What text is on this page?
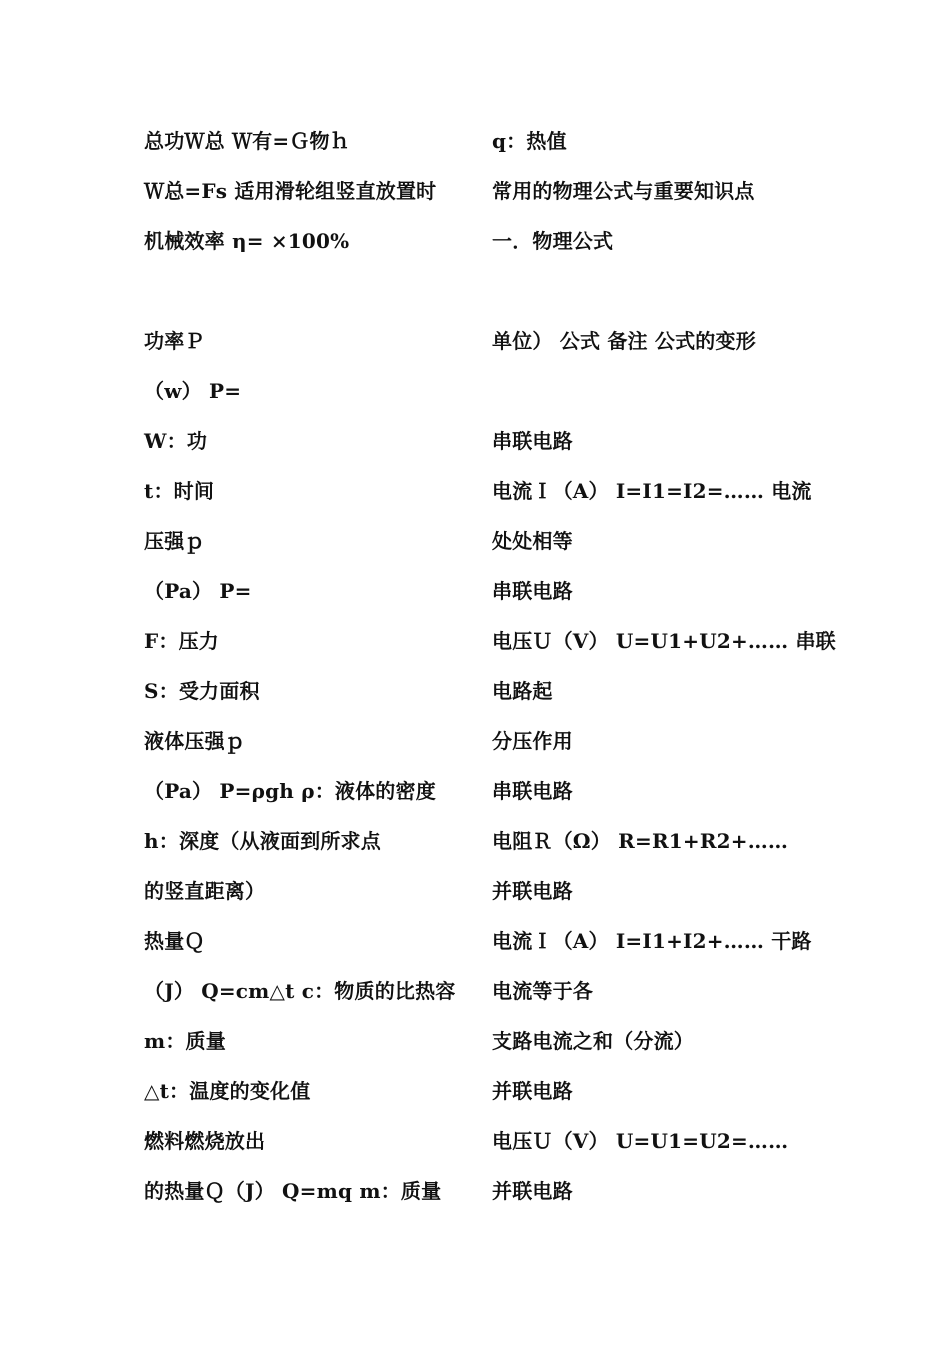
总功Ｗ总 Ｗ有=Ｇ物ｈ
Ｗ总=Fs 适用滑轮组竖直放置时
机械效率 η= ×100%
功率Ｐ
（w） P=
W：功
t：时间
压强ｐ
（Pa） P=
F：压力
S：受力面积
液体压强ｐ
（Pa） P=ρgh ρ：液体的密度
h：深度（从液面到所求点
的竖直距离）
热量Ｑ
（J） Q=cm△t c：物质的比热容
m：质量
△t：温度的变化值
燃料燃烧放出
的热量Ｑ（J） Q=mq m：质量
q：热值
常用的物理公式与重要知识点
一．物理公式
单位） 公式 备注 公式的变形
串联电路
电流Ｉ（A） I=I1=I2=…… 电流
处处相等
串联电路
电压Ｕ（V） U=U1+U2+…… 串联
电路起
分压作用
串联电路
电阻Ｒ（Ω） R=R1+R2+……
并联电路
电流Ｉ（A） I=I1+I2+…… 干路
电流等于各
支路电流之和（分流）
并联电路
电压Ｕ（V） U=U1=U2=……
并联电路
